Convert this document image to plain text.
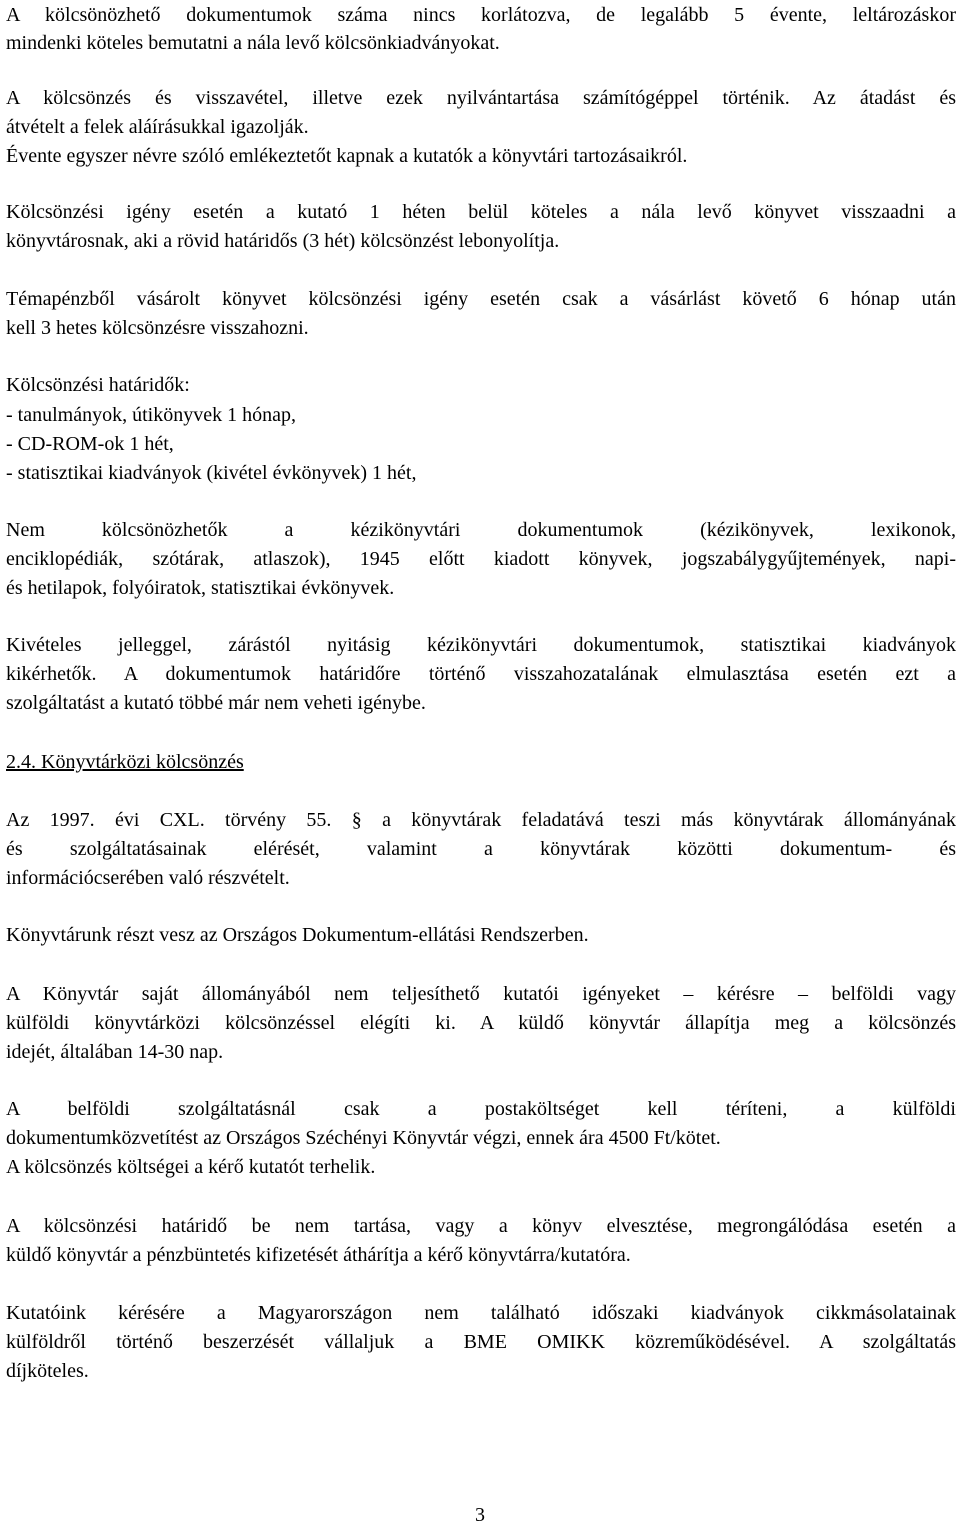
A kölcsönözhető dokumentumok száma nincs korlátozva, de legalább 5 évente, leltározáskor
mindenki köteles bemutatni a nála levő kölcsönkiadványokat.
A kölcsönzés és visszavétel, illetve ezek nyilvántartása számítógéppel történik. Az átadást és
átvételt a felek aláírásukkal igazolják.
Évente egyszer névre szóló emlékeztetőt kapnak a kutatók a könyvtári tartozásaikról.
Kölcsönzési igény esetén a kutató 1 héten belül köteles a nála levő könyvet visszaadni a
könyvtárosnak, aki a rövid határidős (3 hét) kölcsönzést lebonyolítja.
Témapénzből vásárolt könyvet kölcsönzési igény esetén csak a vásárlást követő 6 hónap után
kell 3 hetes kölcsönzésre visszahozni.
Kölcsönzési határidők:
- tanulmányok, útikönyvek 1 hónap,
- CD-ROM-ok 1 hét,
- statisztikai kiadványok (kivétel évkönyvek) 1 hét,
Nem kölcsönözhetők a kézikönyvtári dokumentumok (kézikönyvek, lexikonok,
enciklopédiák, szótárak, atlaszok), 1945 előtt kiadott könyvek, jogszabálygyűjtemények, napi-
és hetilapok, folyóiratok, statisztikai évkönyvek.
Kivételes jelleggel, zárástól nyitásig kézikönyvtári dokumentumok, statisztikai kiadványok
kikérhetők. A dokumentumok határidőre történő visszahozatalának elmulasztása esetén ezt a
szolgáltatást a kutató többé már nem veheti igénybe.
2.4. Könyvtárközi kölcsönzés
Az 1997. évi CXL. törvény 55. § a könyvtárak feladatává teszi más könyvtárak állományának
és szolgáltatásainak elérését, valamint a könyvtárak közötti dokumentum- és
információcserében való részvételt.
Könyvtárunk részt vesz az Országos Dokumentum-ellátási Rendszerben.
A Könyvtár saját állományából nem teljesíthető kutatói igényeket – kérésre – belföldi vagy
külföldi könyvtárközi kölcsönzéssel elégíti ki. A küldő könyvtár állapítja meg a kölcsönzés
idejét, általában 14-30 nap.
A belföldi szolgáltatásnál csak a postaköltséget kell téríteni, a külföldi
dokumentumközvetítést az Országos Széchényi Könyvtár végzi, ennek ára 4500 Ft/kötet.
A kölcsönzés költségei a kérő kutatót terhelik.
A kölcsönzési határidő be nem tartása, vagy a könyv elvesztése, megrongálódása esetén a
küldő könyvtár a pénzbüntetés kifizetését áthárítja a kérő könyvtárra/kutatóra.
Kutatóink kérésére a Magyarországon nem található időszaki kiadványok cikkmásolatainak
külföldről történő beszerzését vállaljuk a BME OMIKK közreműködésével. A szolgáltatás
díjköteles.
3
